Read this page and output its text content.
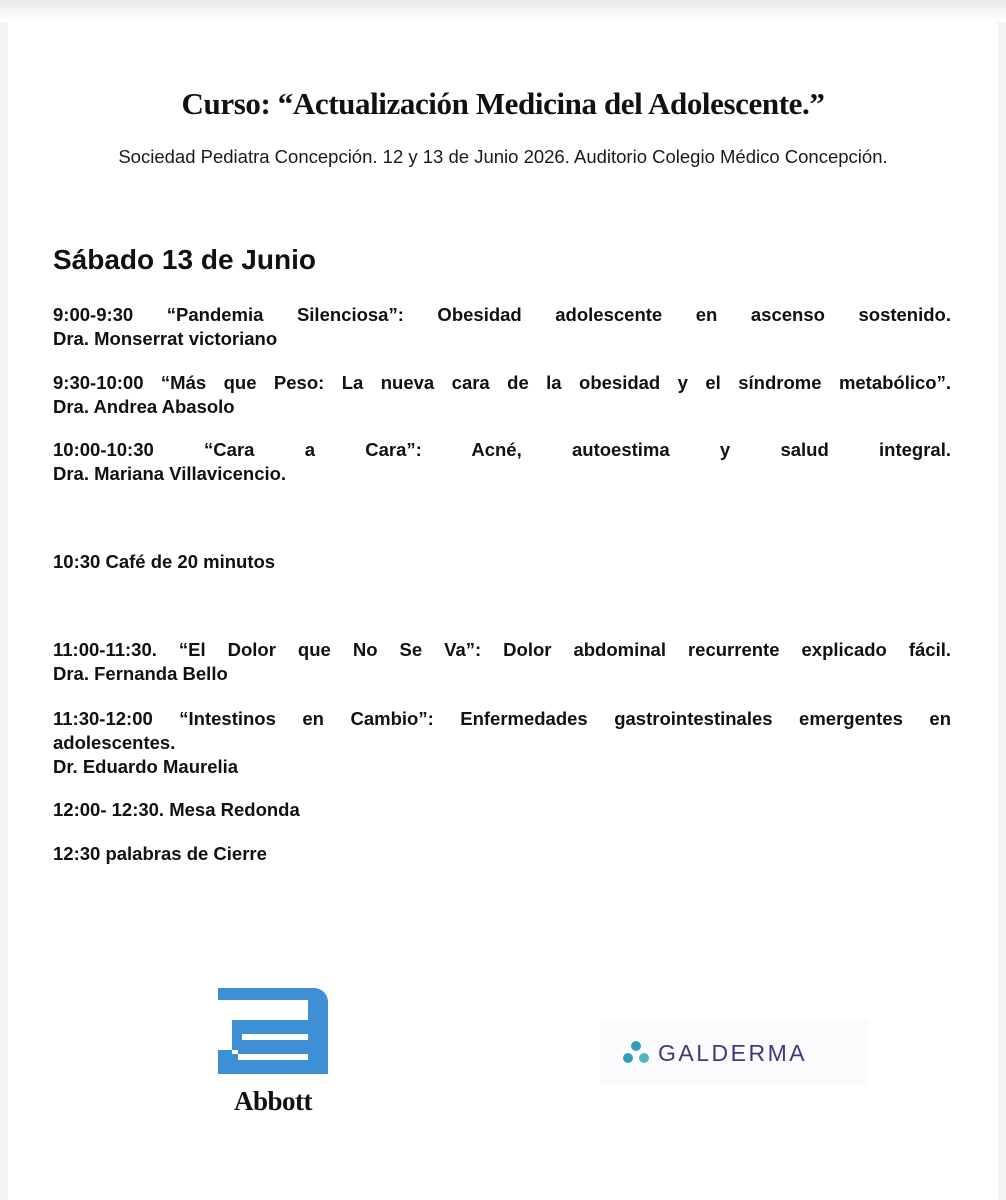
Curso: “Actualización Medicina del Adolescente.”
Sociedad Pediatra Concepción. 12 y 13 de Junio 2026. Auditorio Colegio Médico Concepción.
Sábado 13 de Junio
9:00-9:30 “Pandemia Silenciosa”: Obesidad adolescente en ascenso sostenido.
Dra. Monserrat victoriano
9:30-10:00 “Más que Peso: La nueva cara de la obesidad y el síndrome metabólico”.
Dra. Andrea Abasolo
10:00-10:30 “Cara a Cara”: Acné, autoestima y salud integral.
Dra. Mariana Villavicencio.
10:30 Café de 20 minutos
11:00-11:30. “El Dolor que No Se Va”: Dolor abdominal recurrente explicado fácil.
Dra. Fernanda Bello
11:30-12:00 “Intestinos en Cambio”: Enfermedades gastrointestinales emergentes en
adolescentes.
Dr. Eduardo Maurelia
12:00- 12:30. Mesa Redonda
12:30 palabras de Cierre
Abbott
GALDERMA
